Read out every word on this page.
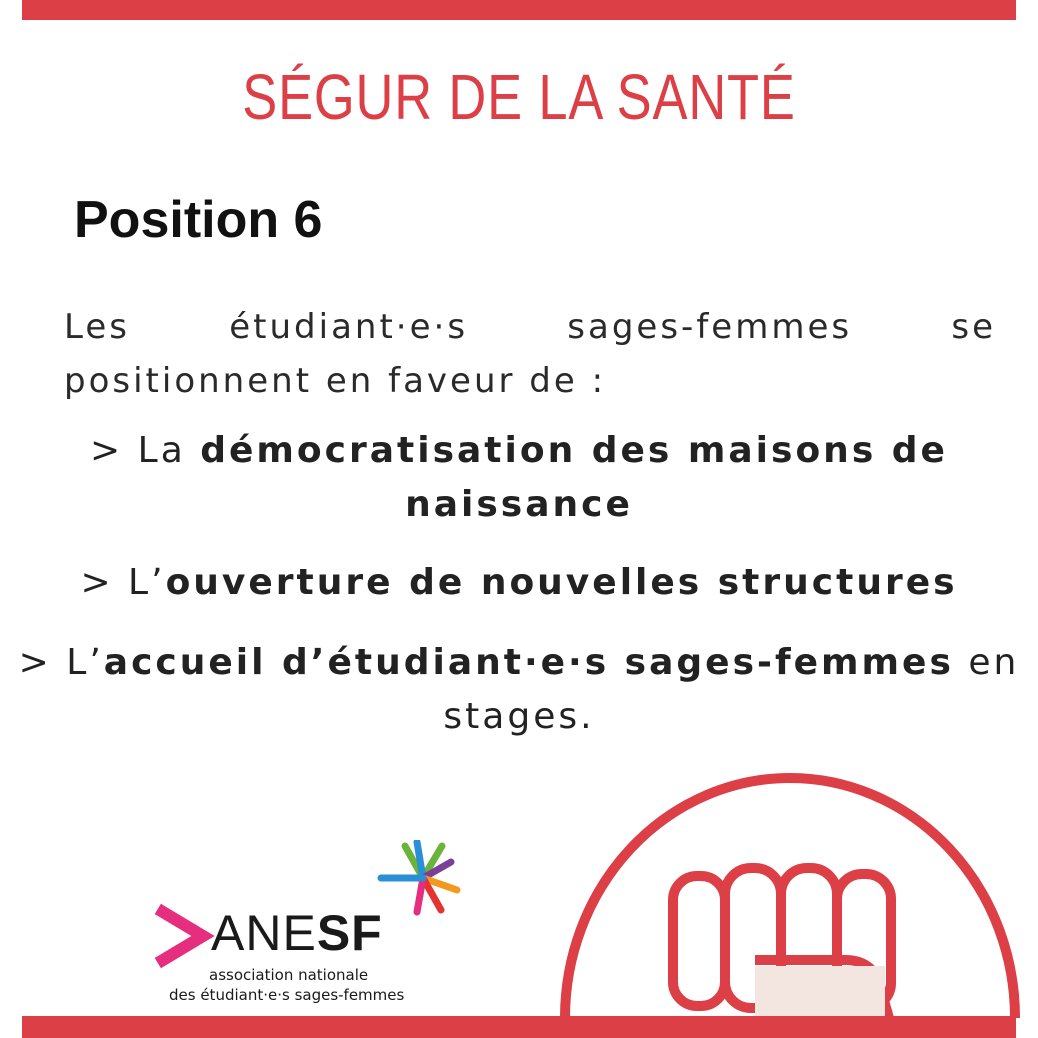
SÉGUR DE LA SANTÉ
Position 6
Les étudiant·e·s sages-femmes se positionnent en faveur de :
> La démocratisation des maisons de naissance
> L’ouverture de nouvelles structures
> L’accueil d’étudiant·e·s sages-femmes en stages.
ANESF
association nationale
des étudiant·e·s sages-femmes
